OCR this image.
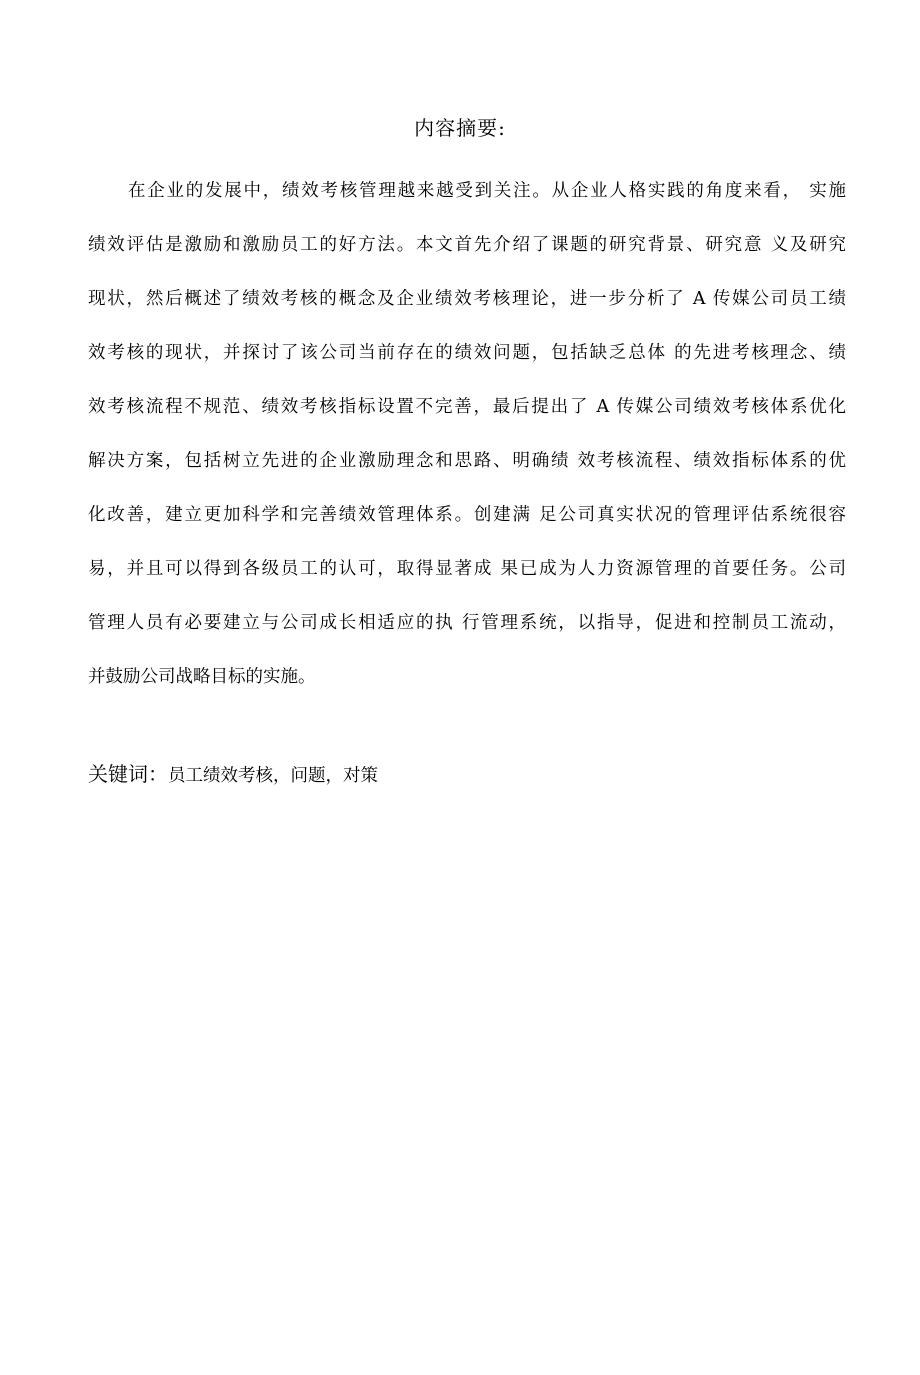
内容摘要:
在企业的发展中，绩效考核管理越来越受到关注。从企业人格实践的角度来看， 实施
绩效评估是激励和激励员工的好方法。本文首先介绍了课题的研究背景、研究意 义及研究
现状，然后概述了绩效考核的概念及企业绩效考核理论，进一步分析了 A 传媒公司员工绩
效考核的现状，并探讨了该公司当前存在的绩效问题，包括缺乏总体 的先进考核理念、绩
效考核流程不规范、绩效考核指标设置不完善，最后提出了 A 传媒公司绩效考核体系优化
解决方案，包括树立先进的企业激励理念和思路、明确绩 效考核流程、绩效指标体系的优
化改善，建立更加科学和完善绩效管理体系。创建满 足公司真实状况的管理评估系统很容
易，并且可以得到各级员工的认可，取得显著成 果已成为人力资源管理的首要任务。公司
管理人员有必要建立与公司成长相适应的执 行管理系统，以指导，促进和控制员工流动，
并鼓励公司战略目标的实施。
关键词：员工绩效考核，问题，对策
